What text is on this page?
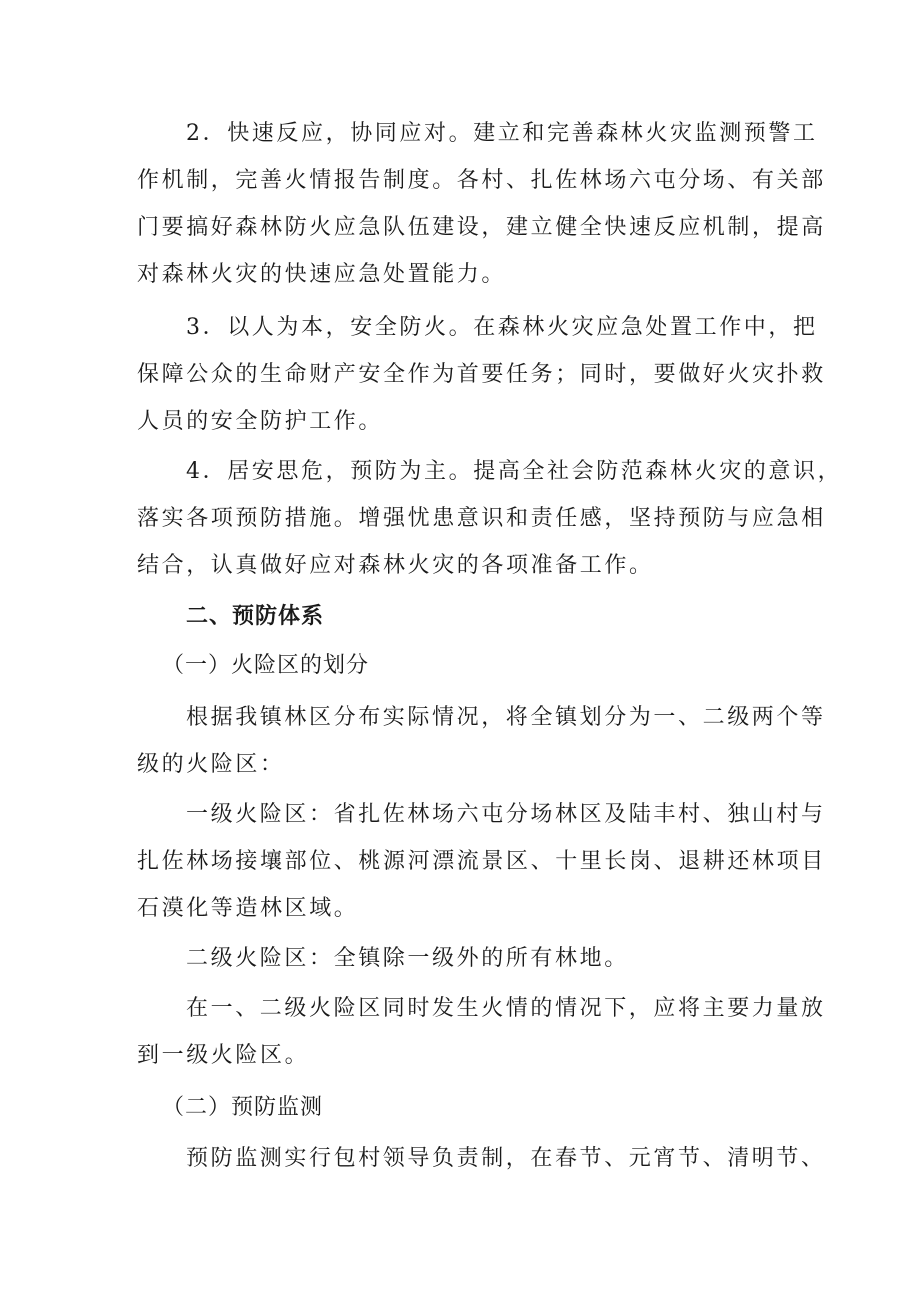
2．快速反应，协同应对。建立和完善森林火灾监测预警工
作机制，完善火情报告制度。各村、扎佐林场六屯分场、有关部
门要搞好森林防火应急队伍建设，建立健全快速反应机制，提高
对森林火灾的快速应急处置能力。
3．以人为本，安全防火。在森林火灾应急处置工作中，把
保障公众的生命财产安全作为首要任务；同时，要做好火灾扑救
人员的安全防护工作。
4．居安思危，预防为主。提高全社会防范森林火灾的意识，
落实各项预防措施。增强忧患意识和责任感，坚持预防与应急相
结合，认真做好应对森林火灾的各项准备工作。
二、预防体系
（一）火险区的划分
根据我镇林区分布实际情况，将全镇划分为一、二级两个等
级的火险区：
一级火险区：省扎佐林场六屯分场林区及陆丰村、独山村与
扎佐林场接壤部位、桃源河漂流景区、十里长岗、退耕还林项目
石漠化等造林区域。
二级火险区：全镇除一级外的所有林地。
在一、二级火险区同时发生火情的情况下，应将主要力量放
到一级火险区。
（二）预防监测
预防监测实行包村领导负责制，在春节、元宵节、清明节、
